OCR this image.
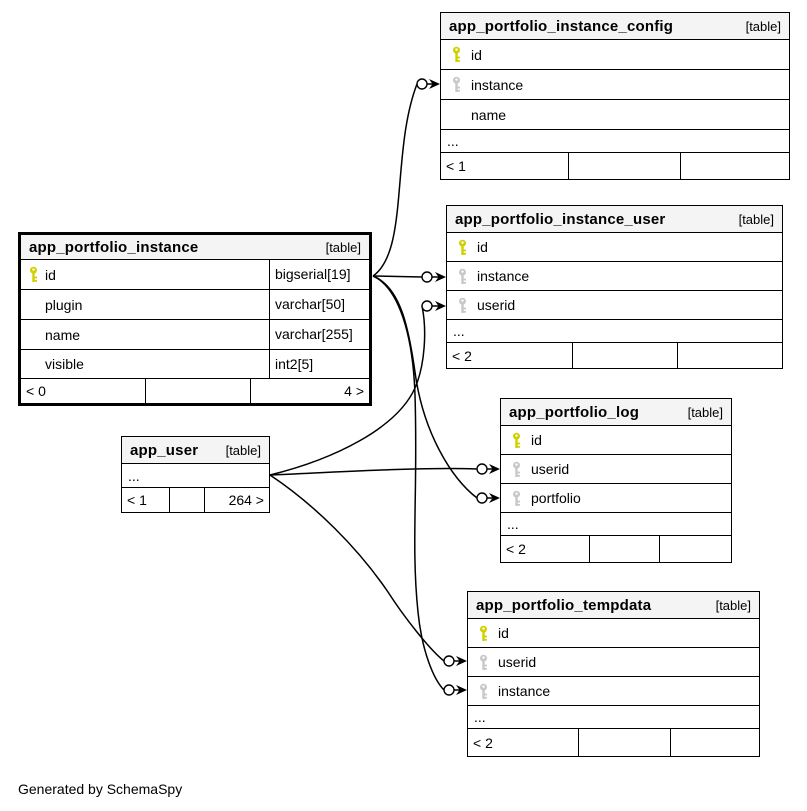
app_portfolio_instance_config	[table]
id
instance
name
...
< 1
app_portfolio_instance_user	[table]
id
instance
userid
...
< 2
app_portfolio_instance	[table]
id	bigserial[19]
plugin	varchar[50]
name	varchar[255]
visible	int2[5]
< 0	4 >
app_user [table]
...
< 1	264 >
app_portfolio_log	[table]
id
userid
portfolio
...
< 2
app_portfolio_tempdata	[table]
id
userid
instance
...
< 2
Generated by SchemaSpy
